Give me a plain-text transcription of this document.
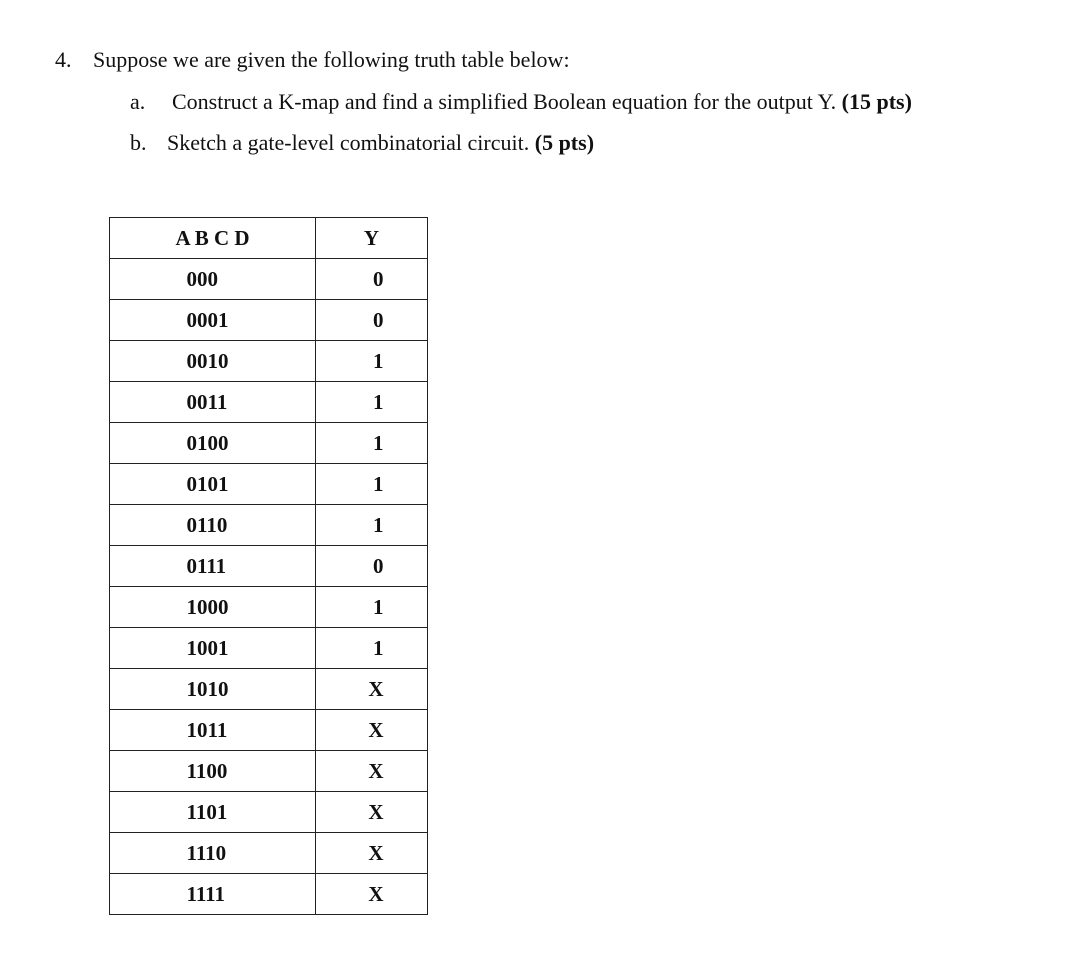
4. Suppose we are given the following truth table below:
a. Construct a K-map and find a simplified Boolean equation for the output Y. (15 pts)
b. Sketch a gate-level combinatorial circuit. (5 pts)
A B C D	Y
000	0
0001	0
0010	1
0011	1
0100	1
0101	1
0110	1
0111	0
1000	1
1001	1
1010	X
1011	X
1100	X
1101	X
1110	X
1111	X
